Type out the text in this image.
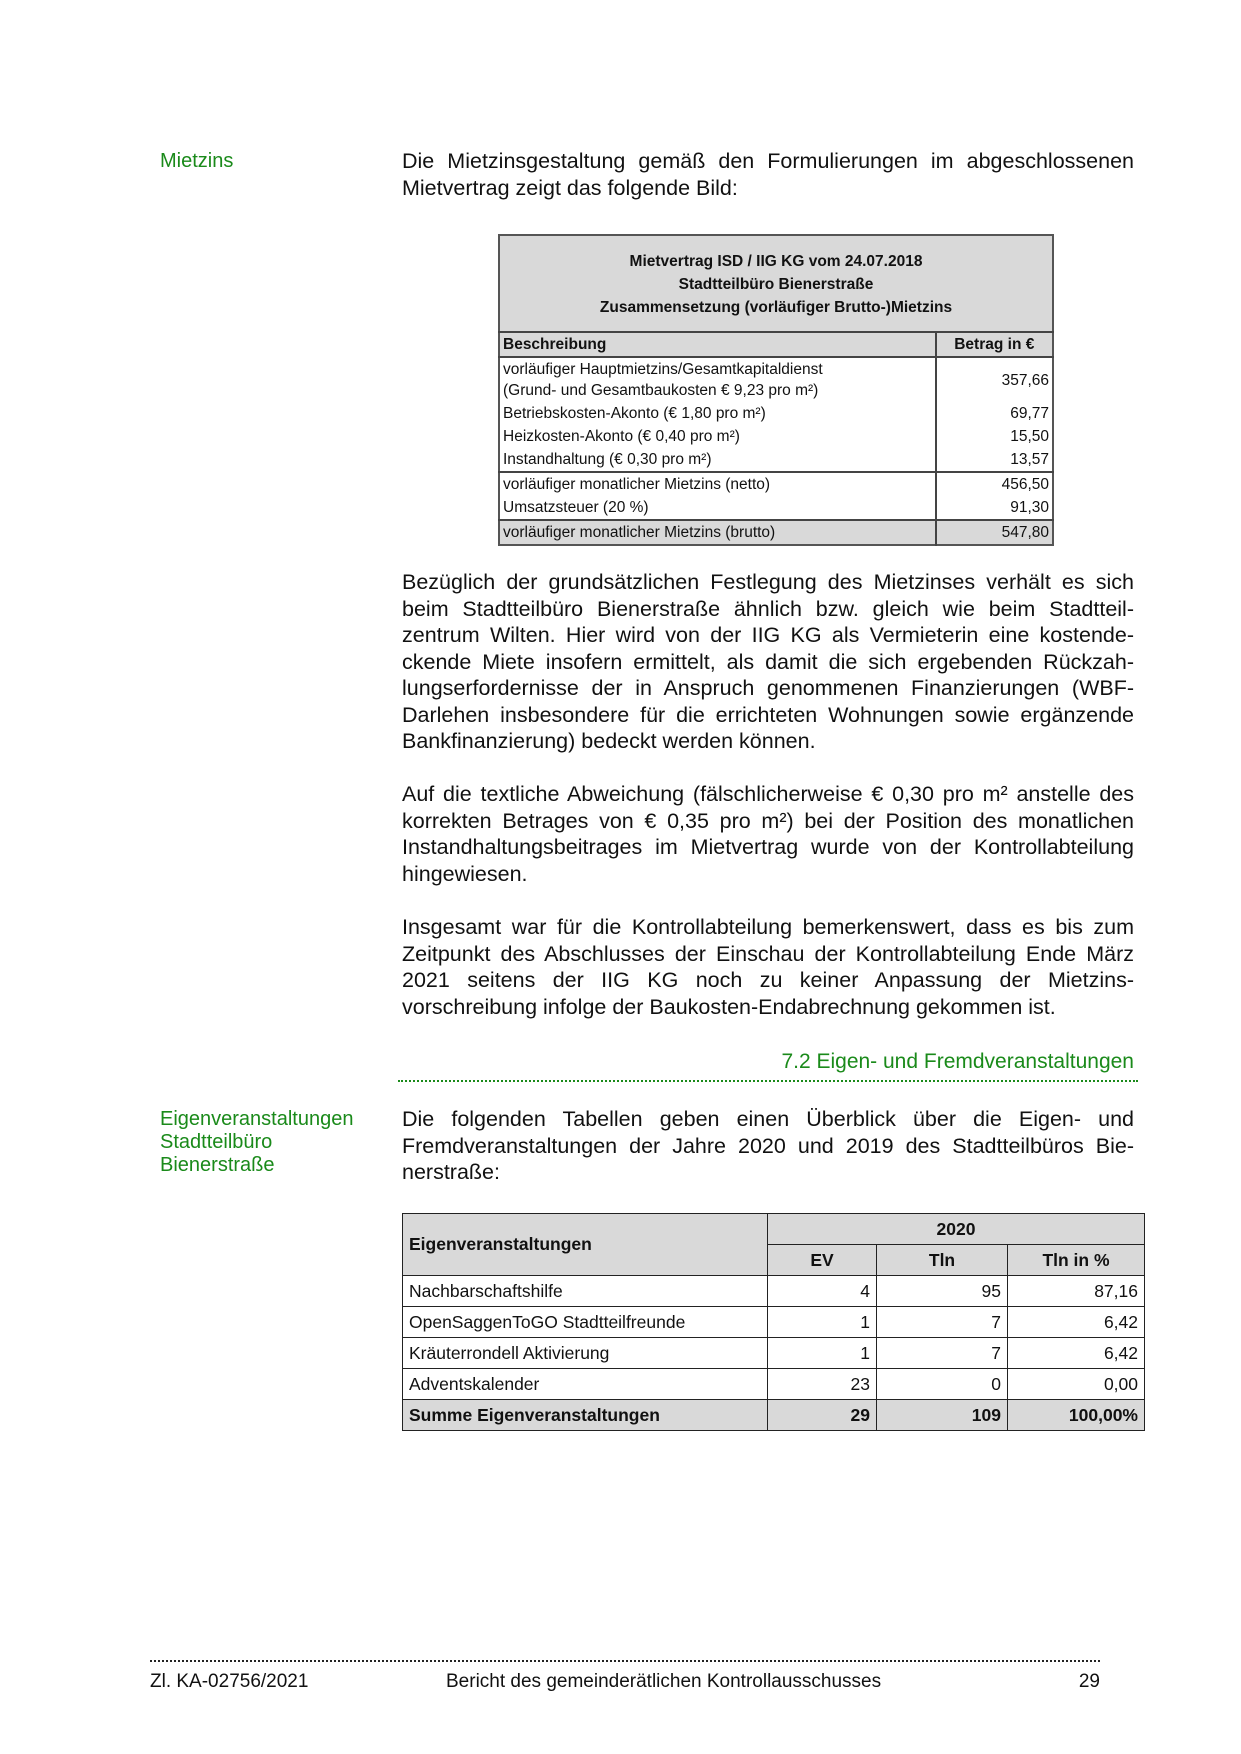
Mietzins	Die Mietzinsgestaltung gemäß den Formulierungen im abgeschlossenen Mietvertrag zeigt das folgende Bild:

Mietvertrag ISD / IIG KG vom 24.07.2018
Stadtteilbüro Bienerstraße
Zusammensetzung (vorläufiger Brutto-)Mietzins	

Beschreibung	Betrag in €

vorläufiger Hauptmietzins/Gesamtkapitaldienst
(Grund- und Gesamtbaukosten € 9,23 pro m²)	357,66
Betriebskosten-Akonto (€ 1,80 pro m²)	69,77
Heizkosten-Akonto (€ 0,40 pro m²)	15,50
Instandhaltung (€ 0,30 pro m²)	13,57
vorläufiger monatlicher Mietzins (netto)	456,50
Umsatzsteuer (20 %)	91,30
vorläufiger monatlicher Mietzins (brutto)	547,80

Bezüglich der grundsätzlichen Festlegung des Mietzinses verhält es sich beim Stadtteilbüro Bienerstraße ähnlich bzw. gleich wie beim Stadtteilzentrum Wilten. Hier wird von der IIG KG als Vermieterin eine kostendeckende Miete insofern ermittelt, als damit die sich ergebenden Rückzahlungserfordernisse der in Anspruch genommenen Finanzierungen (WBF-Darlehen insbesondere für die errichteten Wohnungen sowie ergänzende Bankfinanzierung) bedeckt werden können.

Auf die textliche Abweichung (fälschlicherweise € 0,30 pro m² anstelle des korrekten Betrages von € 0,35 pro m²) bei der Position des monatlichen Instandhaltungsbeitrages im Mietvertrag wurde von der Kontrollabteilung hingewiesen.

Insgesamt war für die Kontrollabteilung bemerkenswert, dass es bis zum Zeitpunkt des Abschlusses der Einschau der Kontrollabteilung Ende März 2021 seitens der IIG KG noch zu keiner Anpassung der Mietzinsvorschreibung infolge der Baukosten-Endabrechnung gekommen ist.

7.2 Eigen- und Fremdveranstaltungen
Eigenveranstaltungen
Stadtteilbüro
Bienerstraße

Die folgenden Tabellen geben einen Überblick über die Eigen- und Fremdveranstaltungen der Jahre 2020 und 2019 des Stadtteilbüros Bienerstraße:

Eigenveranstaltungen	2020		
	EV	Tln	Tln in %
Nachbarschaftshilfe	4	95	87,16
OpenSaggenToGO Stadtteilfreunde	1	7	6,42
Kräuterrondell Aktivierung	1	7	6,42
Adventskalender	23	0	0,00
Summe Eigenveranstaltungen	29	109	100,00%
Zl. KA-02756/2021	Bericht des gemeinderätlichen Kontrollausschusses	29
